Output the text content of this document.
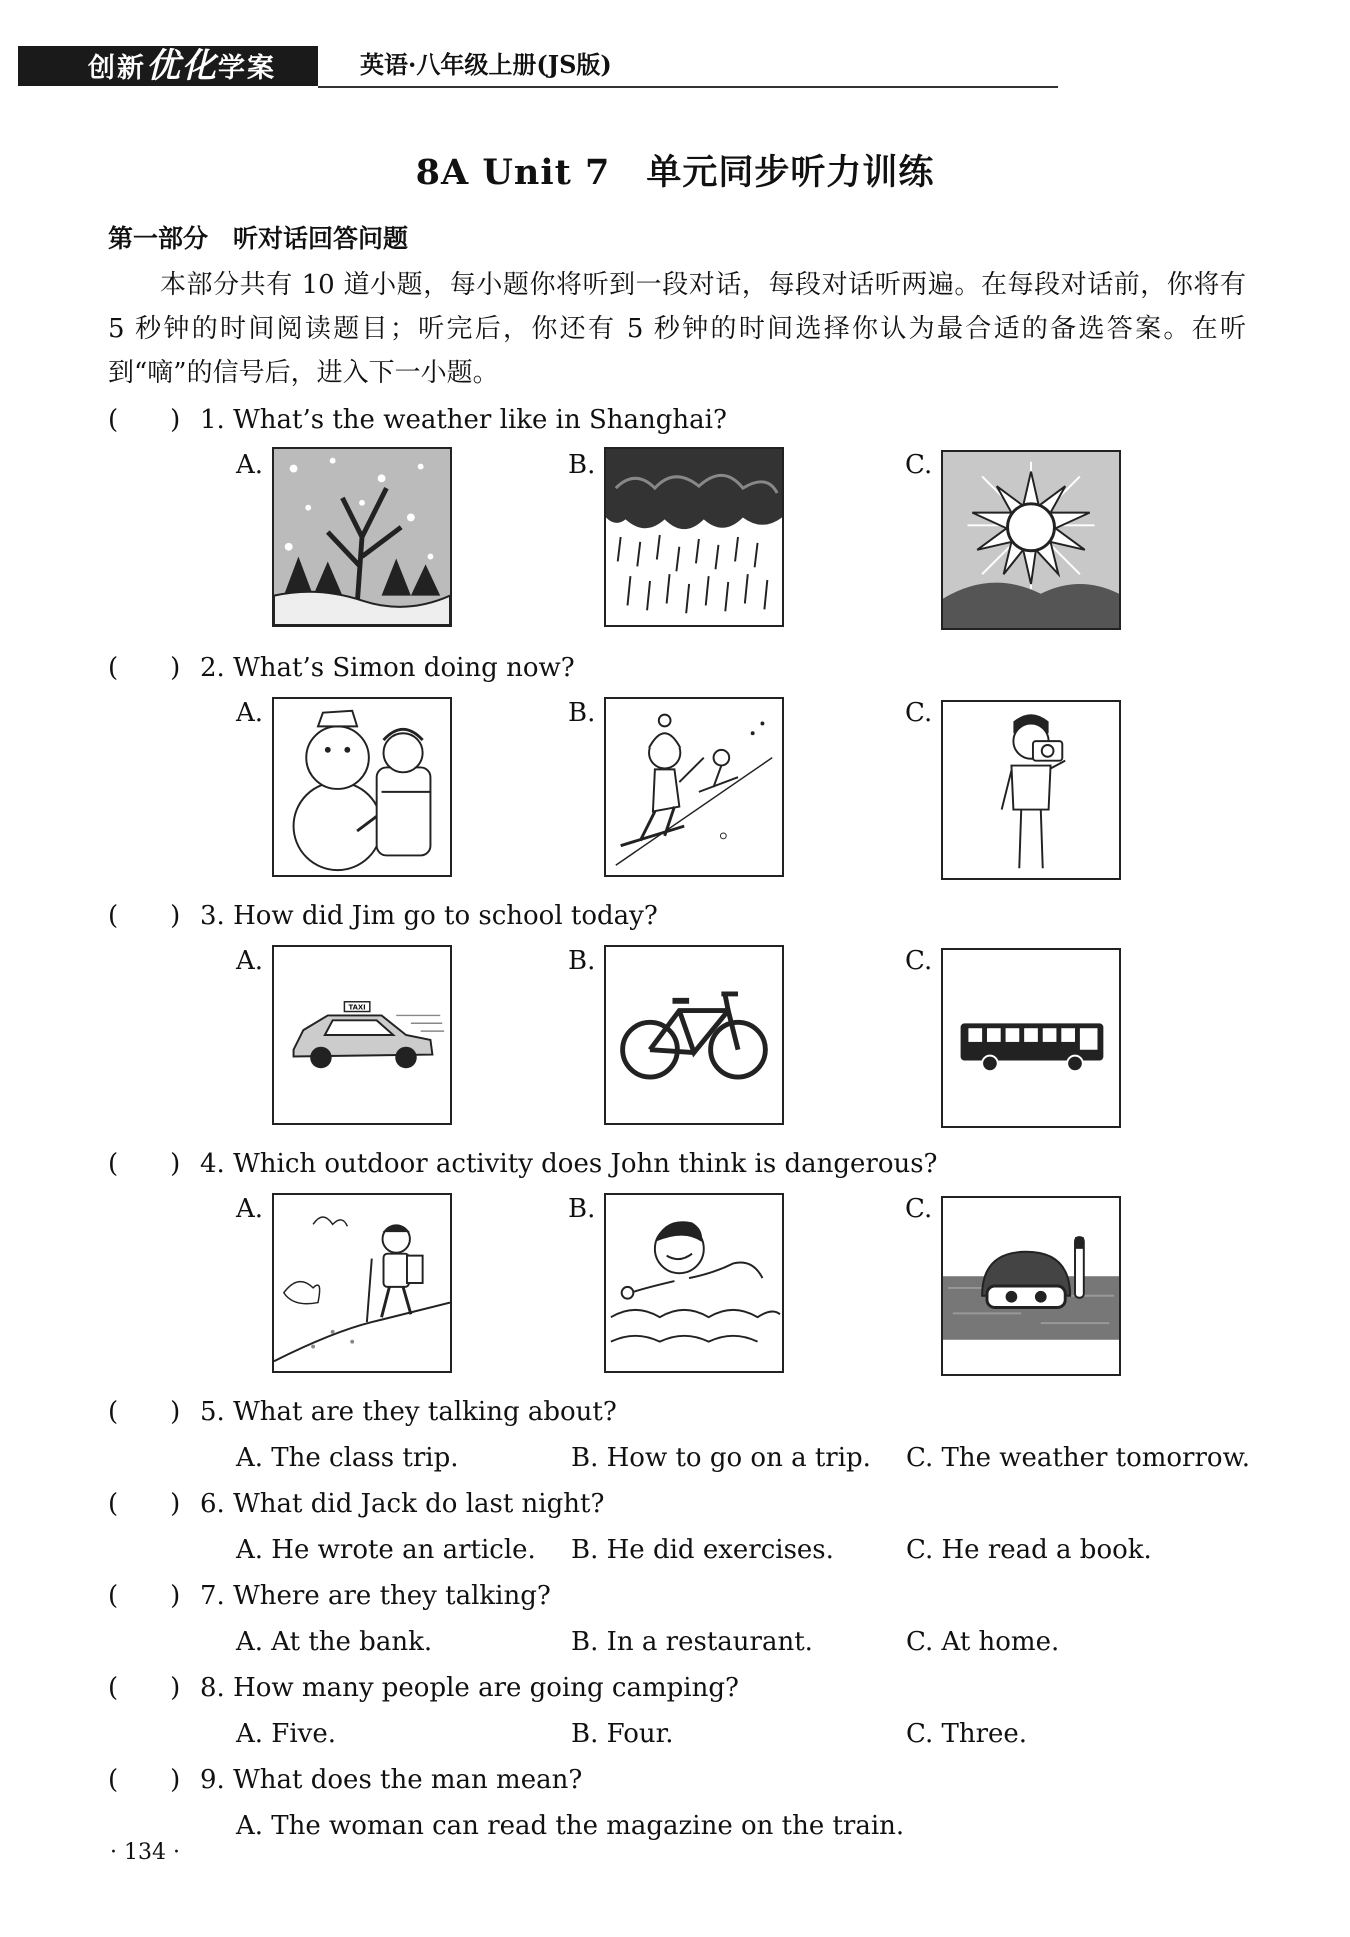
创新优化学案	英语·八年级上册(JS版)
8A Unit 7　单元同步听力训练
第一部分　听对话回答问题
本部分共有 10 道小题，每小题你将听到一段对话，每段对话听两遍。在每段对话前，你将有 5 秒钟的时间阅读题目；听完后，你还有 5 秒钟的时间选择你认为最合适的备选答案。在听到“嘀”的信号后，进入下一小题。
(　　) 1. What’s the weather like in Shanghai?
A.	B.	C.
(　　) 2. What’s Simon doing now?
A.	B.	C.
(　　) 3. How did Jim go to school today?
A.
TAXI
B.	C.
(　　) 4. Which outdoor activity does John think is dangerous?
A.	B.	C.
(　　) 5. What are they talking about?
A. The class trip.	B. How to go on a trip. C. The weather tomorrow.
(　　) 6. What did Jack do last night?
A. He wrote an article. B. He did exercises.	C. He read a book.
(　　) 7. Where are they talking?
A. At the bank.	B. In a restaurant.	C. At home.
(　　) 8. How many people are going camping?
A. Five.	B. Four.	C. Three.
(　　) 9. What does the man mean?
A. The woman can read the magazine on the train.
· 134 ·
